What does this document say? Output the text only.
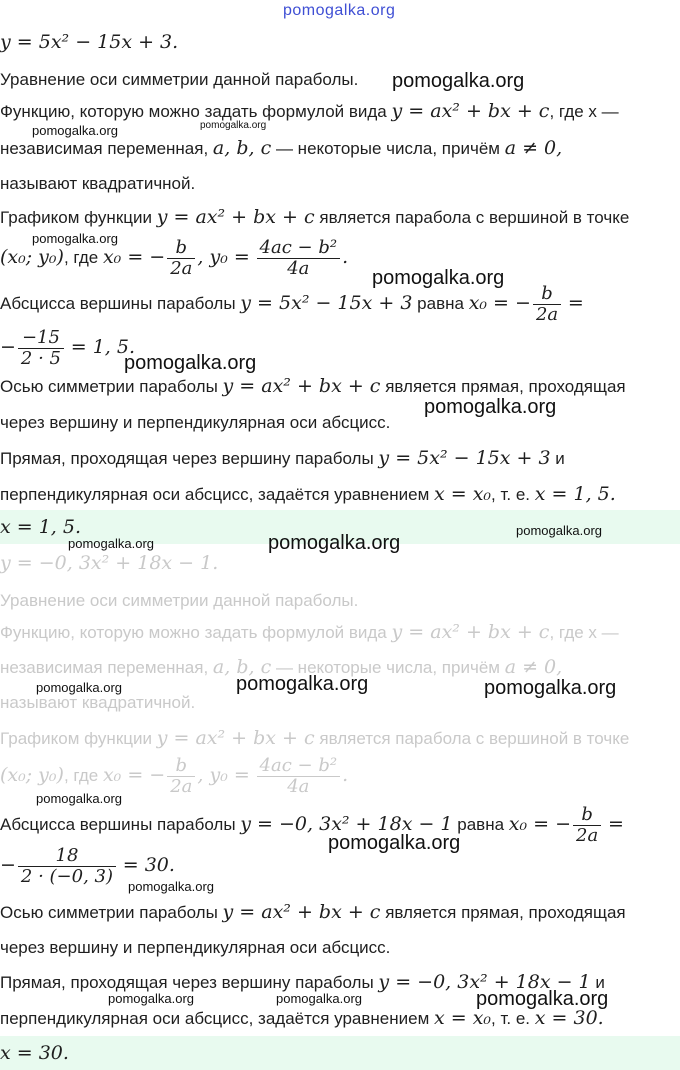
pomogalka.org
y = 5x² − 15x + 3.
Уравнение оси симметрии данной параболы.
Функцию, которую можно задать формулой вида y = ax² + bx + c, где x —
независимая переменная, a, b, c — некоторые числа, причём a ≠ 0,
называют квадратичной.
Графиком функции y = ax² + bx + c является парабола с вершиной в точке
(x₀; y₀), где x₀ = − $\frac{b}{2a}$ , $y_0 = \frac{\text{4ac − b²}}{4a}$ .
Абсцисса вершины параболы y = 5x² − 15x + 3 равна x₀ = − $\frac{b}{2a}$ =
− $\frac{-15}{2 \cdot 5} = 1$, 5.
Осью симметрии параболы y = ax² + bx + c является прямая, проходящая
через вершину и перпендикулярная оси абсцисс.
Прямая, проходящая через вершину параболы y = 5x² − 15x + 3 и
перпендикулярная оси абсцисс, задаётся уравнением x = x₀, т. е. x = 1, 5.
x = 1, 5.
y = −0, 3x² + 18x − 1.
Уравнение оси симметрии данной параболы.
Функцию, которую можно задать формулой вида y = ax² + bx + c, где x —
независимая переменная, a, b, c — некоторые числа, причём a ≠ 0,
называют квадратичной.
Графиком функции y = ax² + bx + c является парабола с вершиной в точке
(x₀; y₀), где x₀ = − $\frac{b}{2a}$ , $y_0 = \frac{\text{4ac − b²}}{4a}$ .
Абсцисса вершины параболы y = −0, 3x² + 18x − 1 равна x₀ = − $\frac{b}{2a}$ =
− $\frac{18}{2 \cdot (-0, 3)} = 30$.
Осью симметрии параболы y = ax² + bx + c является прямая, проходящая
через вершину и перпендикулярная оси абсцисс.
Прямая, проходящая через вершину параболы y = −0, 3x² + 18x − 1 и
перпендикулярная оси абсцисс, задаётся уравнением x = x₀, т. е. x = 30.
x = 30.
pomogalka.org
pomogalka.org	pomogalka.org
pomogalka.org
pomogalka.org
pomogalka.org
pomogalka.org
pomogalka.org
pomogalka.org	pomogalka.org
pomogalka.org	pomogalka.org
pomogalka.org
pomogalka.org
pomogalka.org
pomogalka.org
pomogalka.org	pomogalka.org	pomogalka.org
